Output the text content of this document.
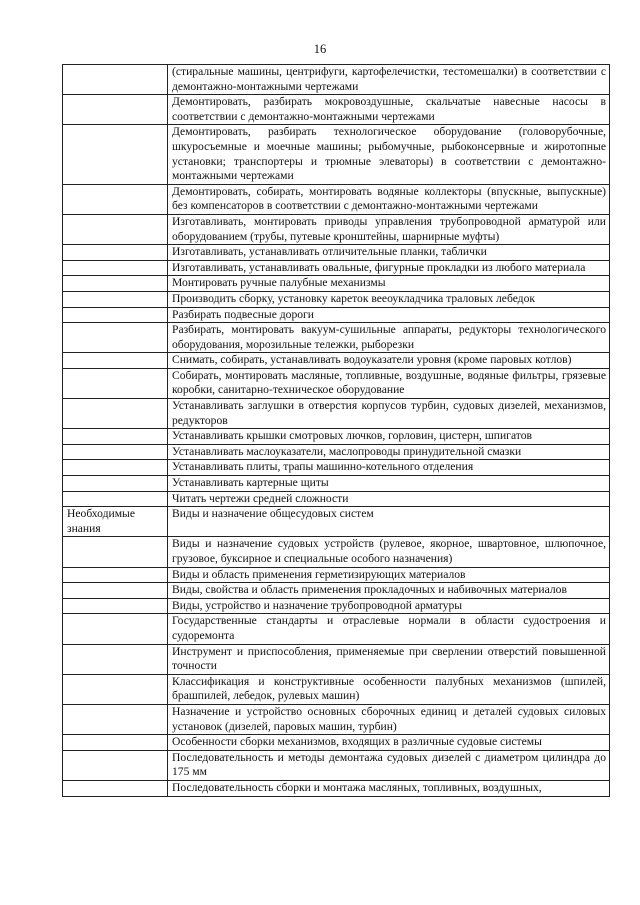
16
	(стиральные машины, центрифуги, картофелечистки, тестомешалки) в соответствии с демонтажно-монтажными чертежами
	Демонтировать, разбирать мокровоздушные, скальчатые навесные насосы в соответствии с демонтажно-монтажными чертежами
	Демонтировать, разбирать технологическое оборудование (головорубочные, шкуросъемные и моечные машины; рыбомучные, рыбоконсервные и жиротопные установки; транспортеры и трюмные элеваторы) в соответствии с демонтажно-монтажными чертежами
	Демонтировать, собирать, монтировать водяные коллекторы (впускные, выпускные) без компенсаторов в соответствии с демонтажно-монтажными чертежами
	Изготавливать, монтировать приводы управления трубопроводной арматурой или оборудованием (трубы, путевые кронштейны, шарнирные муфты)
	Изготавливать, устанавливать отличительные планки, таблички
	Изготавливать, устанавливать овальные, фигурные прокладки из любого материала
	Монтировать ручные палубные механизмы
	Производить сборку, установку кареток вееоукладчика траловых лебедок
	Разбирать подвесные дороги
	Разбирать, монтировать вакуум-сушильные аппараты, редукторы технологического оборудования, морозильные тележки, рыборезки
	Снимать, собирать, устанавливать водоуказатели уровня (кроме паровых котлов)
	Собирать, монтировать масляные, топливные, воздушные, водяные фильтры, грязевые коробки, санитарно-техническое оборудование
	Устанавливать заглушки в отверстия корпусов турбин, судовых дизелей, механизмов, редукторов
	Устанавливать крышки смотровых лючков, горловин, цистерн, шпигатов
	Устанавливать маслоуказатели, маслопроводы принудительной смазки
	Устанавливать плиты, трапы машинно-котельного отделения
	Устанавливать картерные щиты
	Читать чертежи средней сложности
Необходимые знания	Виды и назначение общесудовых систем
	Виды и назначение судовых устройств (рулевое, якорное, швартовное, шлюпочное, грузовое, буксирное и специальные особого назначения)
	Виды и область применения герметизирующих материалов
	Виды, свойства и область применения прокладочных и набивочных материалов
	Виды, устройство и назначение трубопроводной арматуры
	Государственные стандарты и отраслевые нормали в области судостроения и судоремонта
	Инструмент и приспособления, применяемые при сверлении отверстий повышенной точности
	Классификация и конструктивные особенности палубных механизмов (шпилей, брашпилей, лебедок, рулевых машин)
	Назначение и устройство основных сборочных единиц и деталей судовых силовых установок (дизелей, паровых машин, турбин)
	Особенности сборки механизмов, входящих в различные судовые системы
	Последовательность и методы демонтажа судовых дизелей с диаметром цилиндра до 175 мм
	Последовательность сборки и монтажа масляных, топливных, воздушных,
